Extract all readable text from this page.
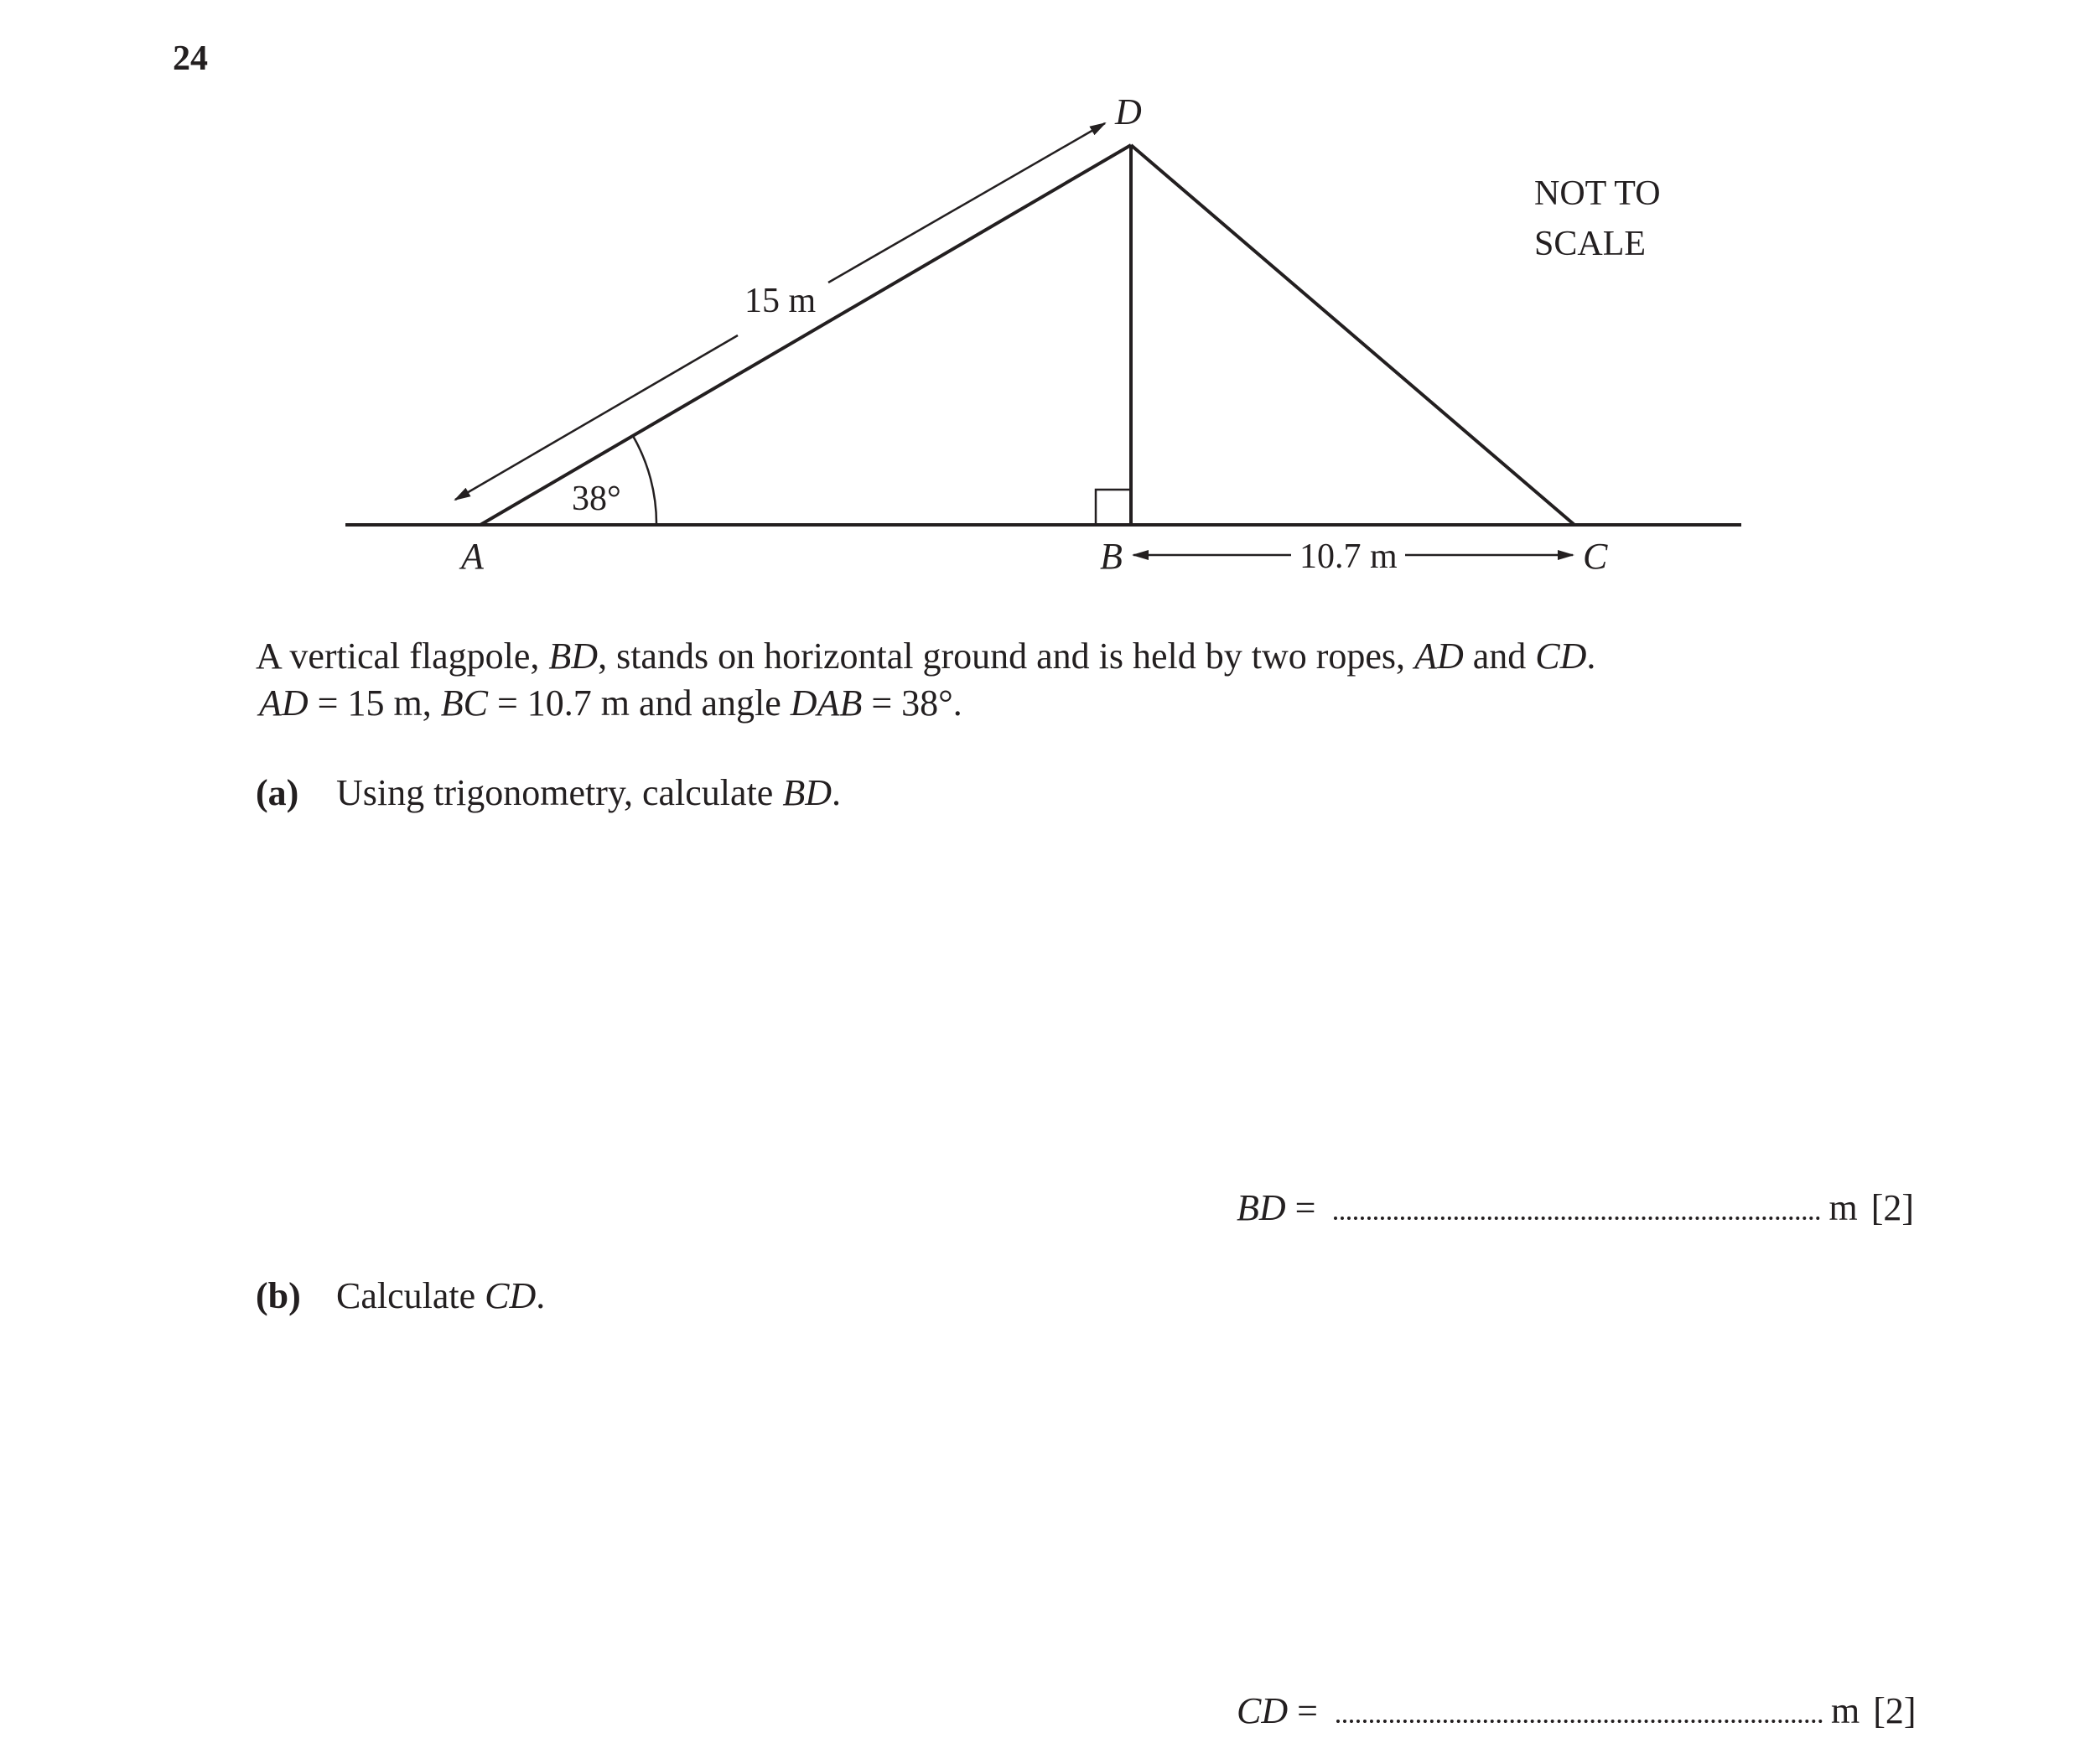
24
D
A	B	C
38°
15 m
10.7 m
NOT TO
SCALE
A vertical flagpole, BD, stands on horizontal ground and is held by two ropes, AD and CD.
AD = 15 m, BC = 10.7 m and angle DAB = 38°.
(a) Using trigonometry, calculate BD.
BD =	m [2]
(b) Calculate CD.
CD =	m [2]
